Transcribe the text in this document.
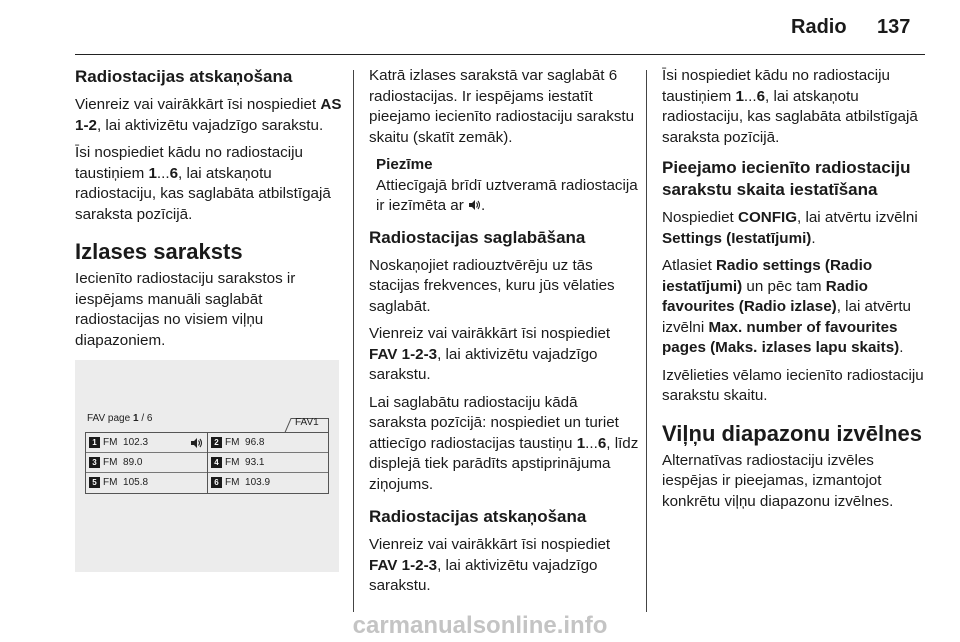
Radio 137
Radiostacijas atskaņošana

Vienreiz vai vairākkārt īsi nospiediet AS 1-2, lai aktivizētu vajadzīgo sarakstu.

Īsi nospiediet kādu no radiostaciju taustiņiem 1...6, lai atskaņotu radiostaciju, kas saglabāta atbilstīgajā saraksta pozīcijā.

Izlases saraksts

Iecienīto radiostaciju sarakstos ir iespējams manuāli saglabāt radiostacijas no visiem viļņu diapazoniem.

FAV page 1 / 6	FAV1
1 FM 102.3	2 FM 96.8
3 FM 89.0	4 FM 93.1
5 FM 105.8	6 FM 103.9

Katrā izlases sarakstā var saglabāt 6 radiostacijas. Ir iespējams iestatīt pieejamo iecienīto radiostaciju sarakstu skaitu (skatīt zemāk).

Piezīme
Attiecīgajā brīdī uztveramā radiostacija ir iezīmēta ar .
Radiostacijas saglabāšana

Noskaņojiet radiouztvērēju uz tās stacijas frekvences, kuru jūs vēlaties saglabāt.

Vienreiz vai vairākkārt īsi nospiediet FAV 1-2-3, lai aktivizētu vajadzīgo sarakstu.

Lai saglabātu radiostaciju kādā saraksta pozīcijā: nospiediet un turiet attiecīgo radiostacijas taustiņu 1...6, līdz displejā tiek parādīts apstiprinājuma ziņojums.

Radiostacijas atskaņošana

Vienreiz vai vairākkārt īsi nospiediet FAV 1-2-3, lai aktivizētu vajadzīgo sarakstu.

Īsi nospiediet kādu no radiostaciju taustiņiem 1...6, lai atskaņotu radiostaciju, kas saglabāta atbilstīgajā saraksta pozīcijā.

Pieejamo iecienīto radiostaciju sarakstu skaita iestatīšana

Nospiediet CONFIG, lai atvērtu izvēlni Settings (Iestatījumi).

Atlasiet Radio settings (Radio iestatījumi) un pēc tam Radio favourites (Radio izlase), lai atvērtu izvēlni Max. number of favourites pages (Maks. izlases lapu skaits).

Izvēlieties vēlamo iecienīto radiostaciju sarakstu skaitu.

Viļņu diapazonu izvēlnes

Alternatīvas radiostaciju izvēles iespējas ir pieejamas, izmantojot konkrētu viļņu diapazonu izvēlnes.

carmanualsonline.info
